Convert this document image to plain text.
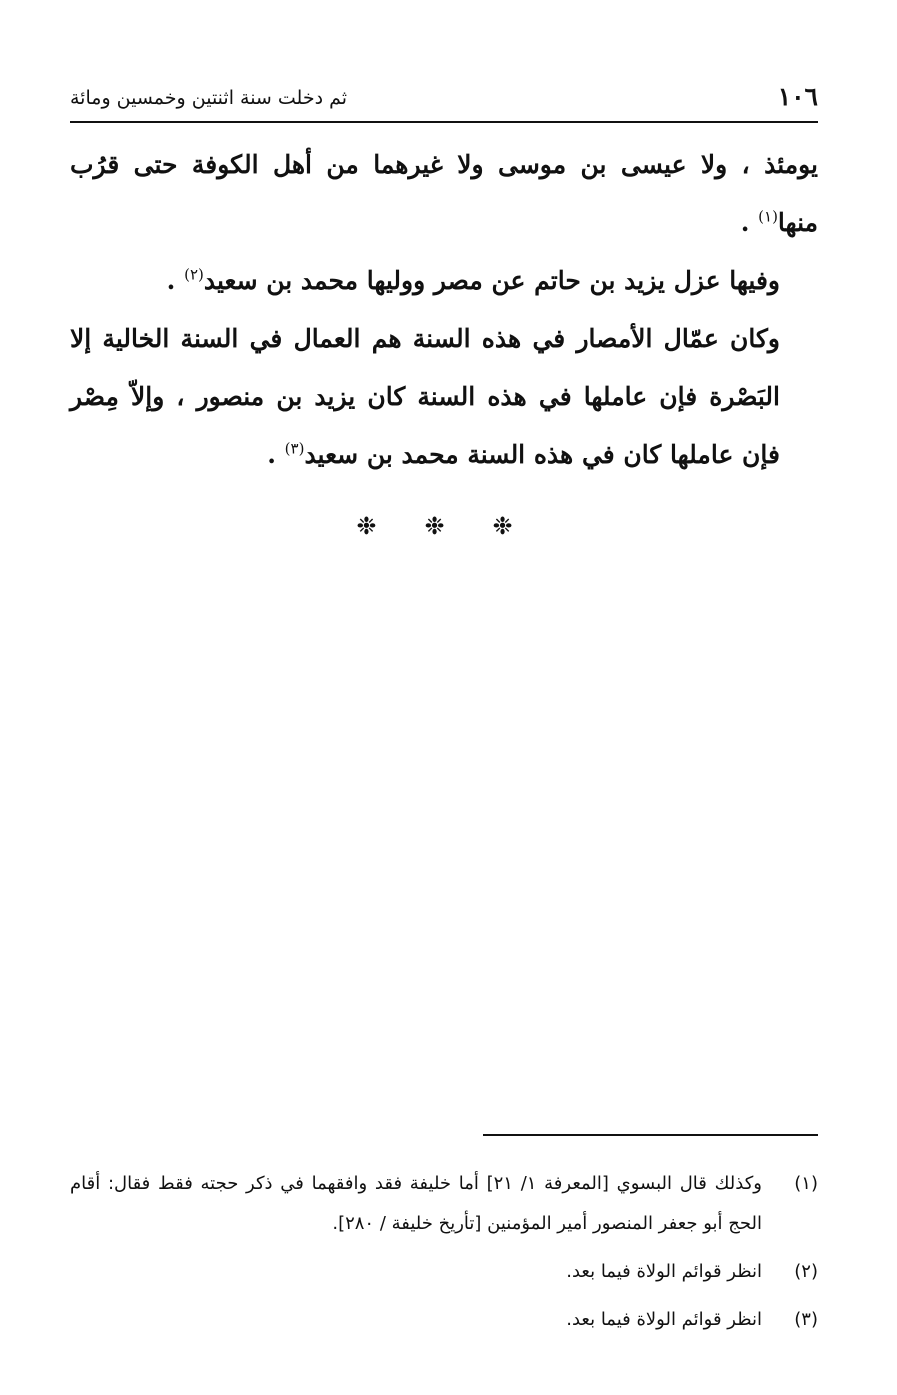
١٠٦
ثم دخلت سنة اثنتين وخمسين ومائة

يومئذ ، ولا عيسى بن موسى ولا غيرهما من أهل الكوفة حتى قرُب منها$^{(١)}$ .

وفيها عزل يزيد بن حاتم عن مصر ووليها محمد بن سعيد$^{(٢)}$ .

وكان عمّال الأمصار في هذه السنة هم العمال في السنة الخالية إلا البَصْرة فإن عاملها في هذه السنة كان يزيد بن منصور ، وإلاّ مِصْر فإن عاملها كان في هذه السنة محمد بن سعيد$^{(٣)}$ .

❉ ❉ ❉
(١)
وكذلك قال البسوي [المعرفة ١/ ٢١] أما خليفة فقد وافقهما في ذكر حجته فقط فقال: أقام الحج أبو جعفر المنصور أمير المؤمنين [تأريخ خليفة / ٢٨٠].
(٢)
انظر قوائم الولاة فيما بعد.
(٣)
انظر قوائم الولاة فيما بعد.
